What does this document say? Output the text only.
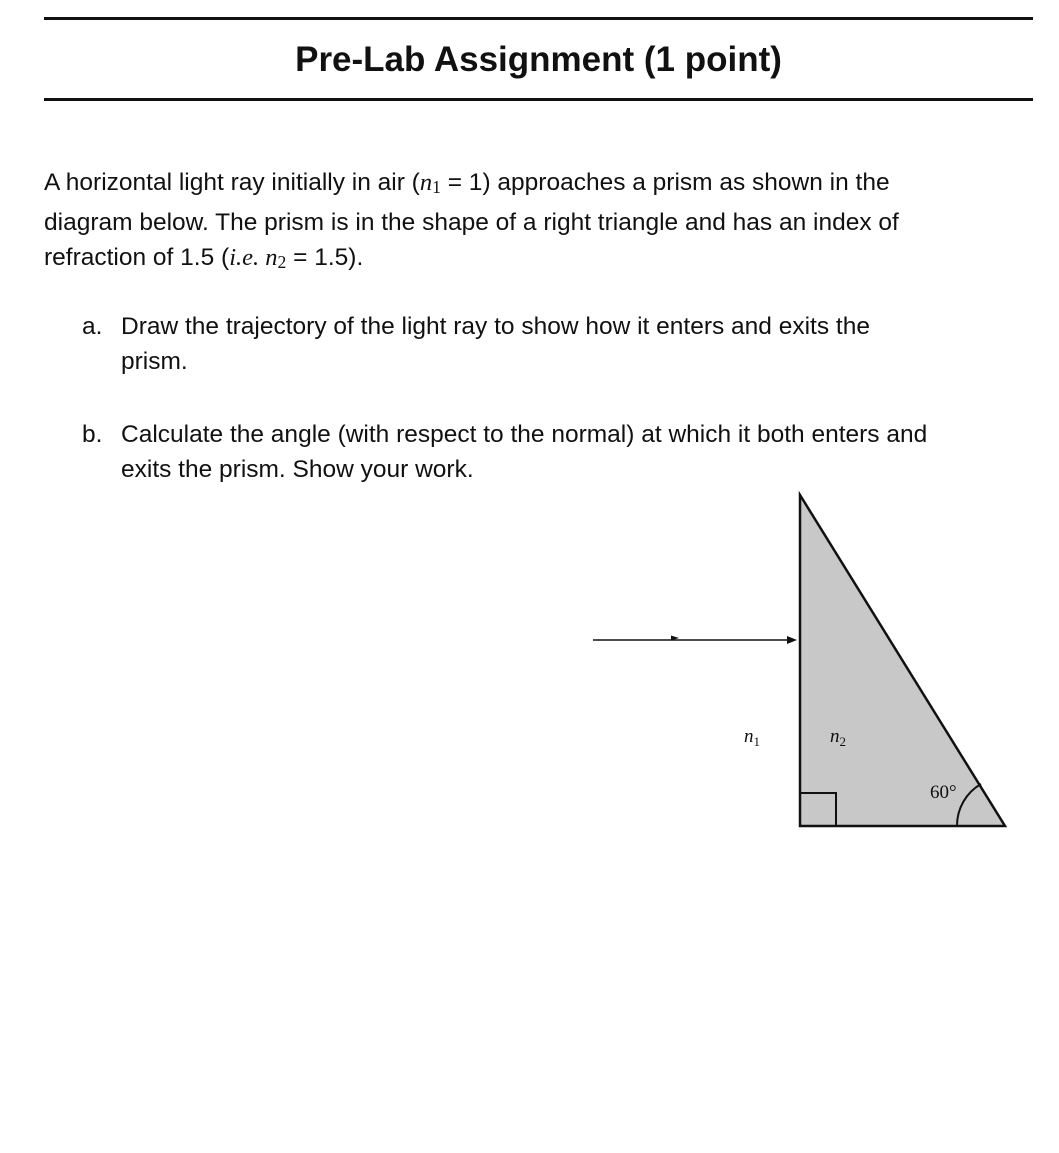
Pre-Lab Assignment (1 point)
A horizontal light ray initially in air (n1 = 1) approaches a prism as shown in the
diagram below. The prism is in the shape of a right triangle and has an index of
refraction of 1.5 (i.e. n2 = 1.5).
a. Draw the trajectory of the light ray to show how it enters and exits the
prism.
b. Calculate the angle (with respect to the normal) at which it both enters and
exits the prism. Show your work.
$n_1$	$n_2$
60°
